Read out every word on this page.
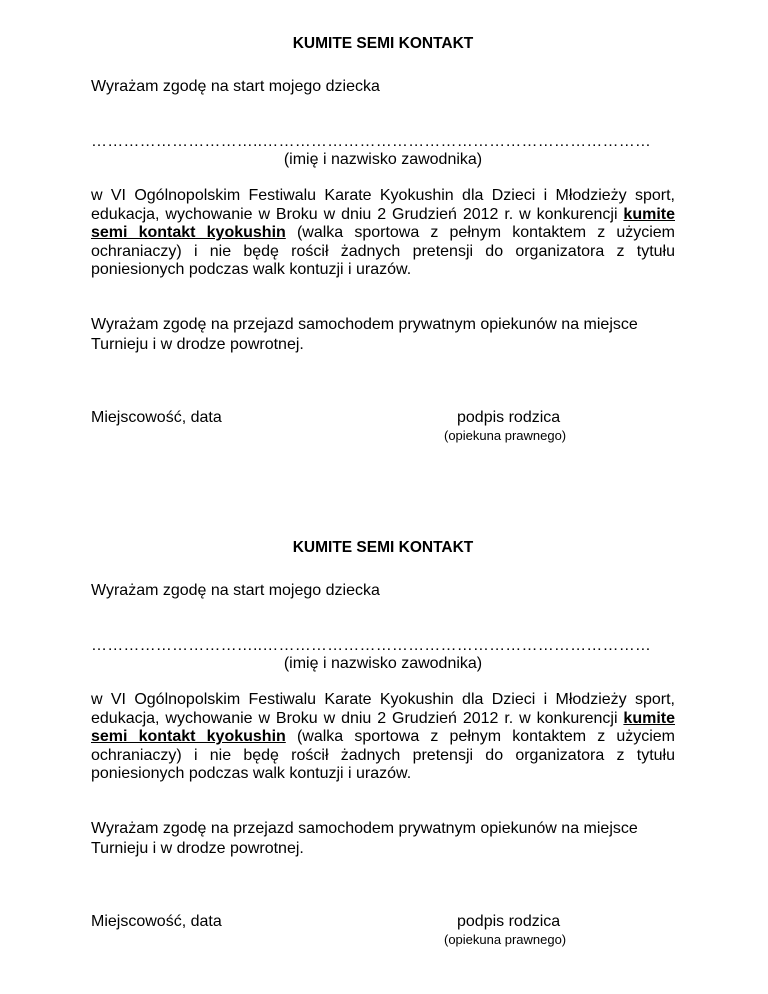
KUMITE SEMI KONTAKT
Wyrażam zgodę na start mojego dziecka
…………………………..………………………………………………………………
(imię i nazwisko zawodnika)

w VI Ogólnopolskim Festiwalu Karate Kyokushin dla Dzieci i Młodzieży sport, edukacja, wychowanie w Broku w dniu 2 Grudzień 2012 r. w konkurencji kumite semi kontakt kyokushin (walka sportowa z pełnym kontaktem z użyciem ochraniaczy) i nie będę rościł żadnych pretensji do organizatora z tytułu poniesionych podczas walk kontuzji i urazów.

Wyrażam zgodę na przejazd samochodem prywatnym opiekunów na miejsce Turnieju i w drodze powrotnej.

Miejscowość, data	podpis rodzica
(opiekuna prawnego)
KUMITE SEMI KONTAKT
Wyrażam zgodę na start mojego dziecka
…………………………..………………………………………………………………
(imię i nazwisko zawodnika)

w VI Ogólnopolskim Festiwalu Karate Kyokushin dla Dzieci i Młodzieży sport, edukacja, wychowanie w Broku w dniu 2 Grudzień 2012 r. w konkurencji kumite semi kontakt kyokushin (walka sportowa z pełnym kontaktem z użyciem ochraniaczy) i nie będę rościł żadnych pretensji do organizatora z tytułu poniesionych podczas walk kontuzji i urazów.

Wyrażam zgodę na przejazd samochodem prywatnym opiekunów na miejsce Turnieju i w drodze powrotnej.

Miejscowość, data	podpis rodzica
(opiekuna prawnego)
